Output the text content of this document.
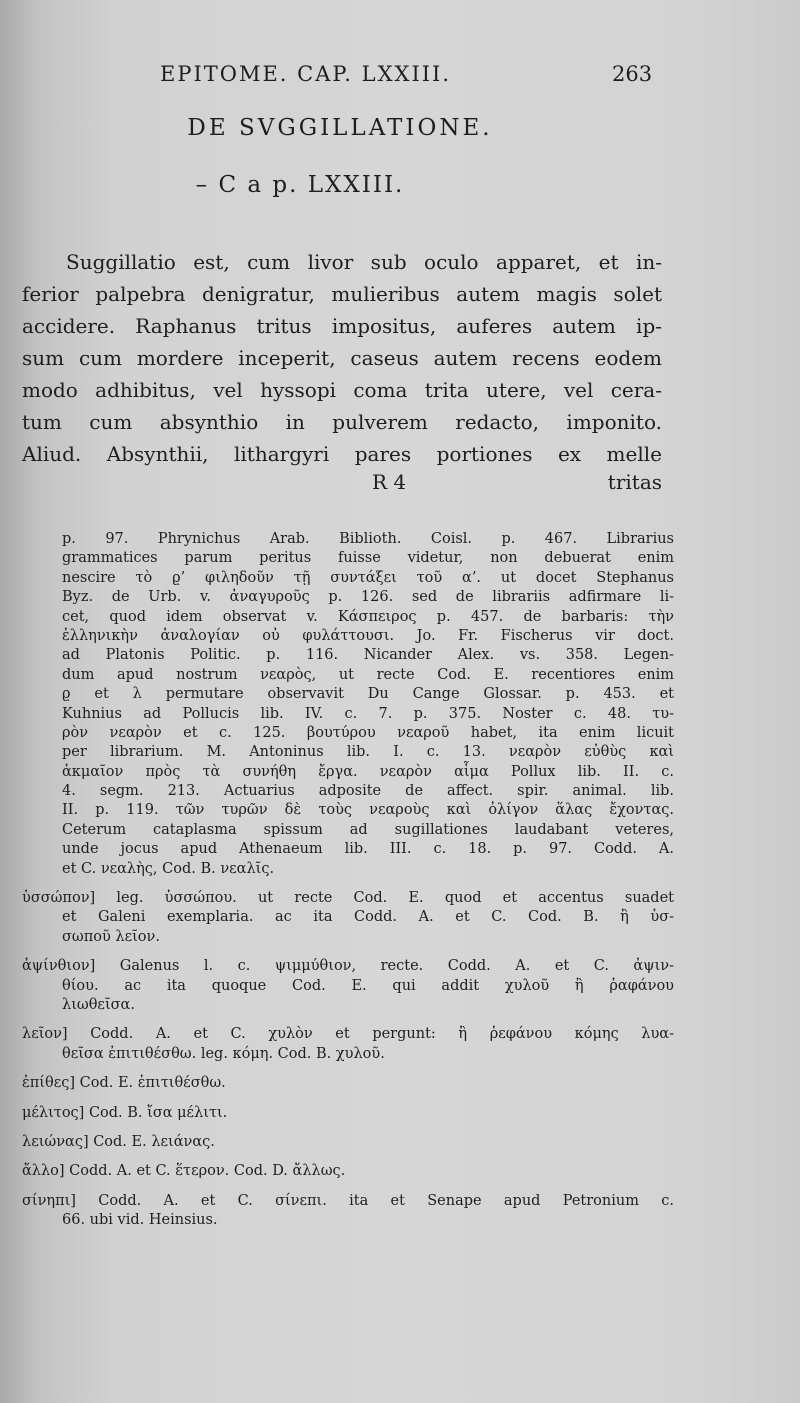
EPITOME. CAP. LXXIII.	263
DE SVGGILLATIONE.
– C a p. LXXIII.
Suggillatio est, cum livor sub oculo apparet, et in-
ferior palpebra denigratur, mulieribus autem magis solet
accidere. Raphanus tritus impositus, auferes autem ip-
sum cum mordere inceperit, caseus autem recens eodem
modo adhibitus, vel hyssopi coma trita utere, vel cera-
tum cum absynthio in pulverem redacto, imponito.
Aliud. Absynthii, lithargyri pares portiones ex melle
R 4	tritas
p. 97. Phrynichus Arab. Biblioth. Coisl. p. 467. Librarius
grammatices parum peritus fuisse videtur, non debuerat enim
nescire τὸ ϱ’ φιληδοῦν τῇ συντάξει τοῦ α’. ut docet Stephanus
Byz. de Urb. v. ἀναγυροῦς p. 126. sed de librariis adfirmare li-
cet, quod idem observat v. Κάσπειρος p. 457. de barbaris: τὴν
ἑλληνικὴν ἀναλογίαν οὐ φυλάττουσι. Jo. Fr. Fischerus vir doct.
ad Platonis Politic. p. 116. Nicander Alex. vs. 358. Legen-
dum apud nostrum νεαρὸς, ut recte Cod. E. recentiores enim
ϱ et λ permutare observavit Du Cange Glossar. p. 453. et
Kuhnius ad Pollucis lib. IV. c. 7. p. 375. Noster c. 48. τυ-
ρὸν νεαρὸν et c. 125. βουτύρου νεαροῦ habet, ita enim licuit
per librarium. M. Antoninus lib. I. c. 13. νεαρὸν εὐθὺς καὶ
ἀκμαῖον πρὸς τὰ συνήθη ἔργα. νεαρὸν αἷμα Pollux lib. II. c.
4. segm. 213. Actuarius adposite de affect. spir. animal. lib.
II. p. 119. τῶν τυρῶν δὲ τοὺς νεαροὺς καὶ ὀλίγον ἅλας ἔχοντας.
Ceterum cataplasma spissum ad sugillationes laudabant veteres,
unde jocus apud Athenaeum lib. III. c. 18. p. 97. Codd. A.
et C. νεαλὴς, Cod. B. νεαλῖς.
ὑσσώπον] leg. ὑσσώπου. ut recte Cod. E. quod et accentus suadet
et Galeni exemplaria. ac ita Codd. A. et C. Cod. B. ἢ ὑσ-
σωποῦ λεῖον.
ἀψίνθιον] Galenus l. c. ψιμμύθιον, recte. Codd. A. et C. ἀψιν-
θίου. ac ita quoque Cod. E. qui addit χυλοῦ ἢ ῥαφάνου
λιωθεῖσα.
λεῖον] Codd. A. et C. χυλὸν et pergunt: ἢ ῥεφάνου κόμης λυα-
θεῖσα ἐπιτιθέσθω. leg. κόμη. Cod. B. χυλοῦ.
ἐπίθες] Cod. E. ἐπιτιθέσθω.
μέλιτος] Cod. B. ἴσα μέλιτι.
λειώνας] Cod. E. λειάνας.
ἄλλο] Codd. A. et C. ἕτερον. Cod. D. ἄλλως.
σίνηπι] Codd. A. et C. σίνεπι. ita et Senape apud Petronium c.
66. ubi vid. Heinsius.
